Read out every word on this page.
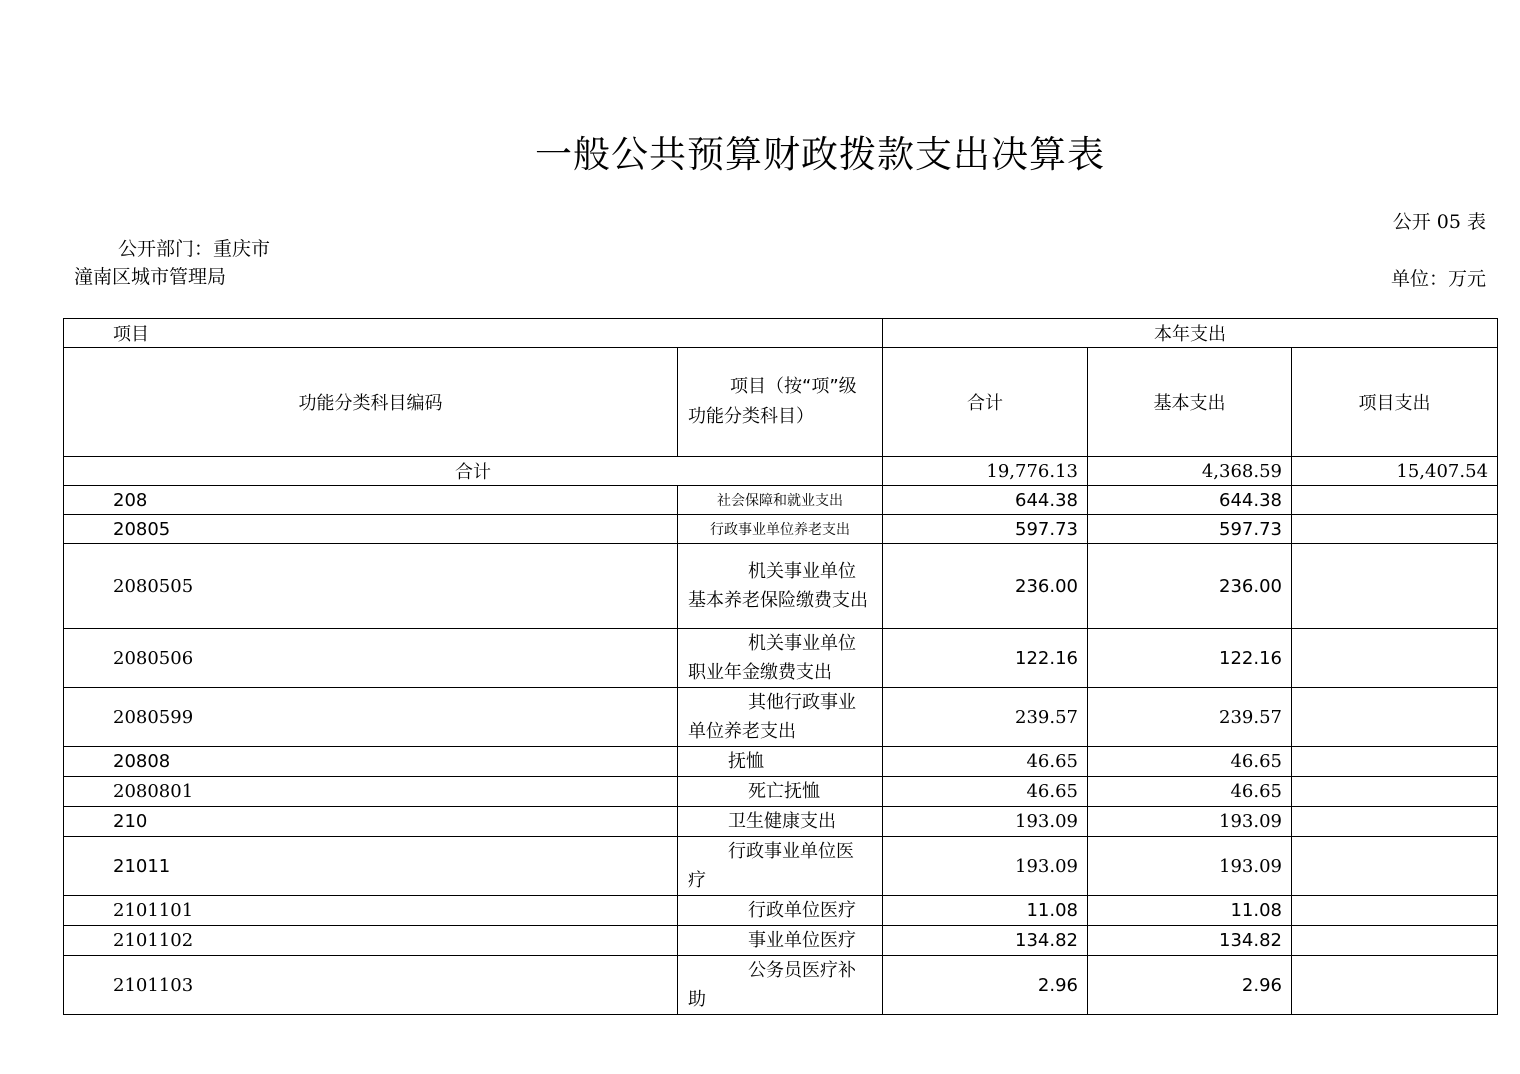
一般公共预算财政拨款支出决算表
公开 05 表
公开部门：重庆市潼南区城市管理局	单位：万元
项目		本年支出		
功能分类科目编码	项目（按“项”级功能分类科目）	合计	基本支出	项目支出
合计		19,776.13	4,368.59	15,407.54
208	社会保障和就业支出	644.38	644.38	
20805	行政事业单位养老支出	597.73	597.73	
2080505	机关事业单位基本养老保险缴费支出	236.00	236.00	
2080506	机关事业单位职业年金缴费支出	122.16	122.16	
2080599	其他行政事业单位养老支出	239.57	239.57	
20808	抚恤	46.65	46.65	
2080801	死亡抚恤	46.65	46.65	
210	卫生健康支出	193.09	193.09	
21011	行政事业单位医疗	193.09	193.09	
2101101	行政单位医疗	11.08	11.08	
2101102	事业单位医疗	134.82	134.82	
2101103	公务员医疗补助	2.96	2.96	
